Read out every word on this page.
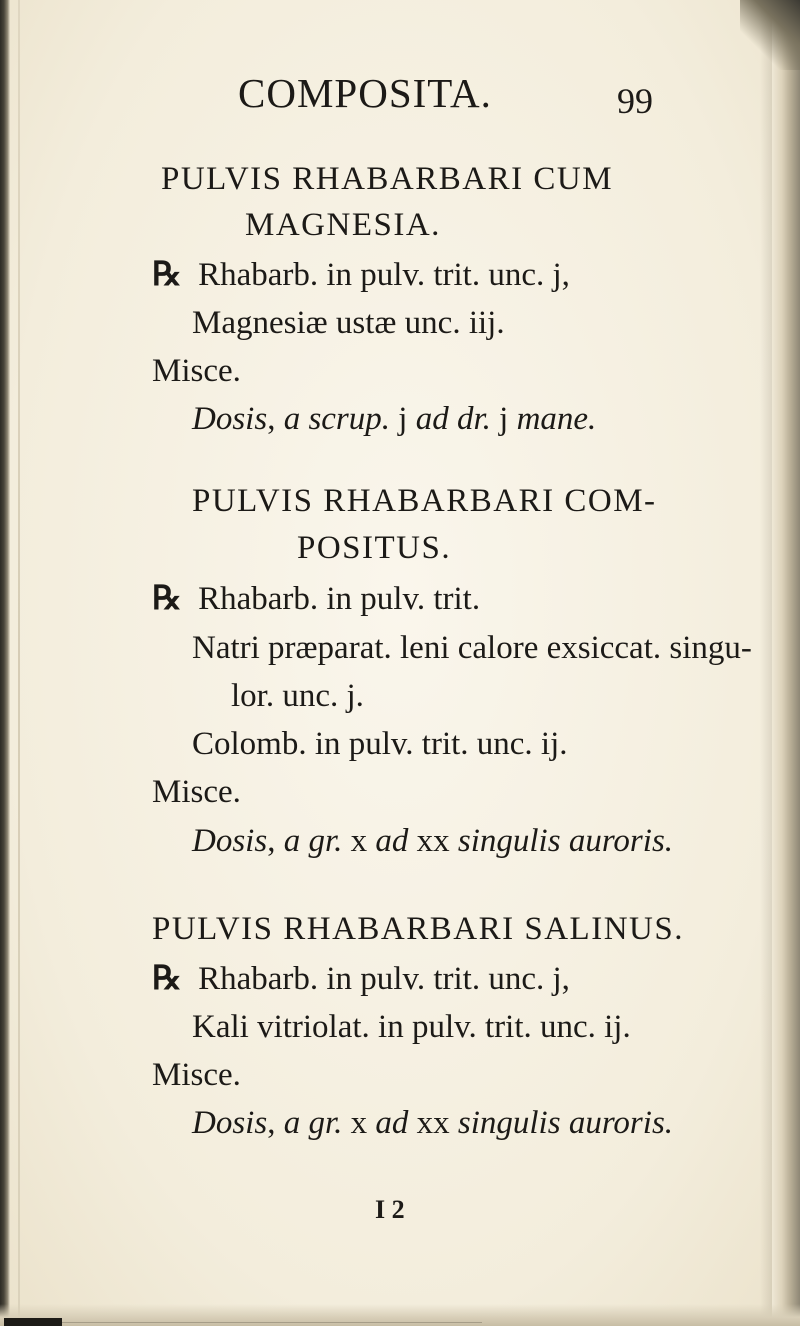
COMPOSITA.	99
PULVIS RHABARBARI CUM
MAGNESIA.
℞ Rhabarb. in pulv. trit. unc. j,
Magnesiæ ustæ unc. iij.
Misce.
Dosis, a scrup. j ad dr. j mane.
PULVIS RHABARBARI COM-
POSITUS.
℞ Rhabarb. in pulv. trit.
Natri præparat. leni calore exsiccat. singu-
lor. unc. j.
Colomb. in pulv. trit. unc. ij.
Misce.
Dosis, a gr. x ad xx singulis auroris.
PULVIS RHABARBARI SALINUS.
℞ Rhabarb. in pulv. trit. unc. j,
Kali vitriolat. in pulv. trit. unc. ij.
Misce.
Dosis, a gr. x ad xx singulis auroris.
I 2
